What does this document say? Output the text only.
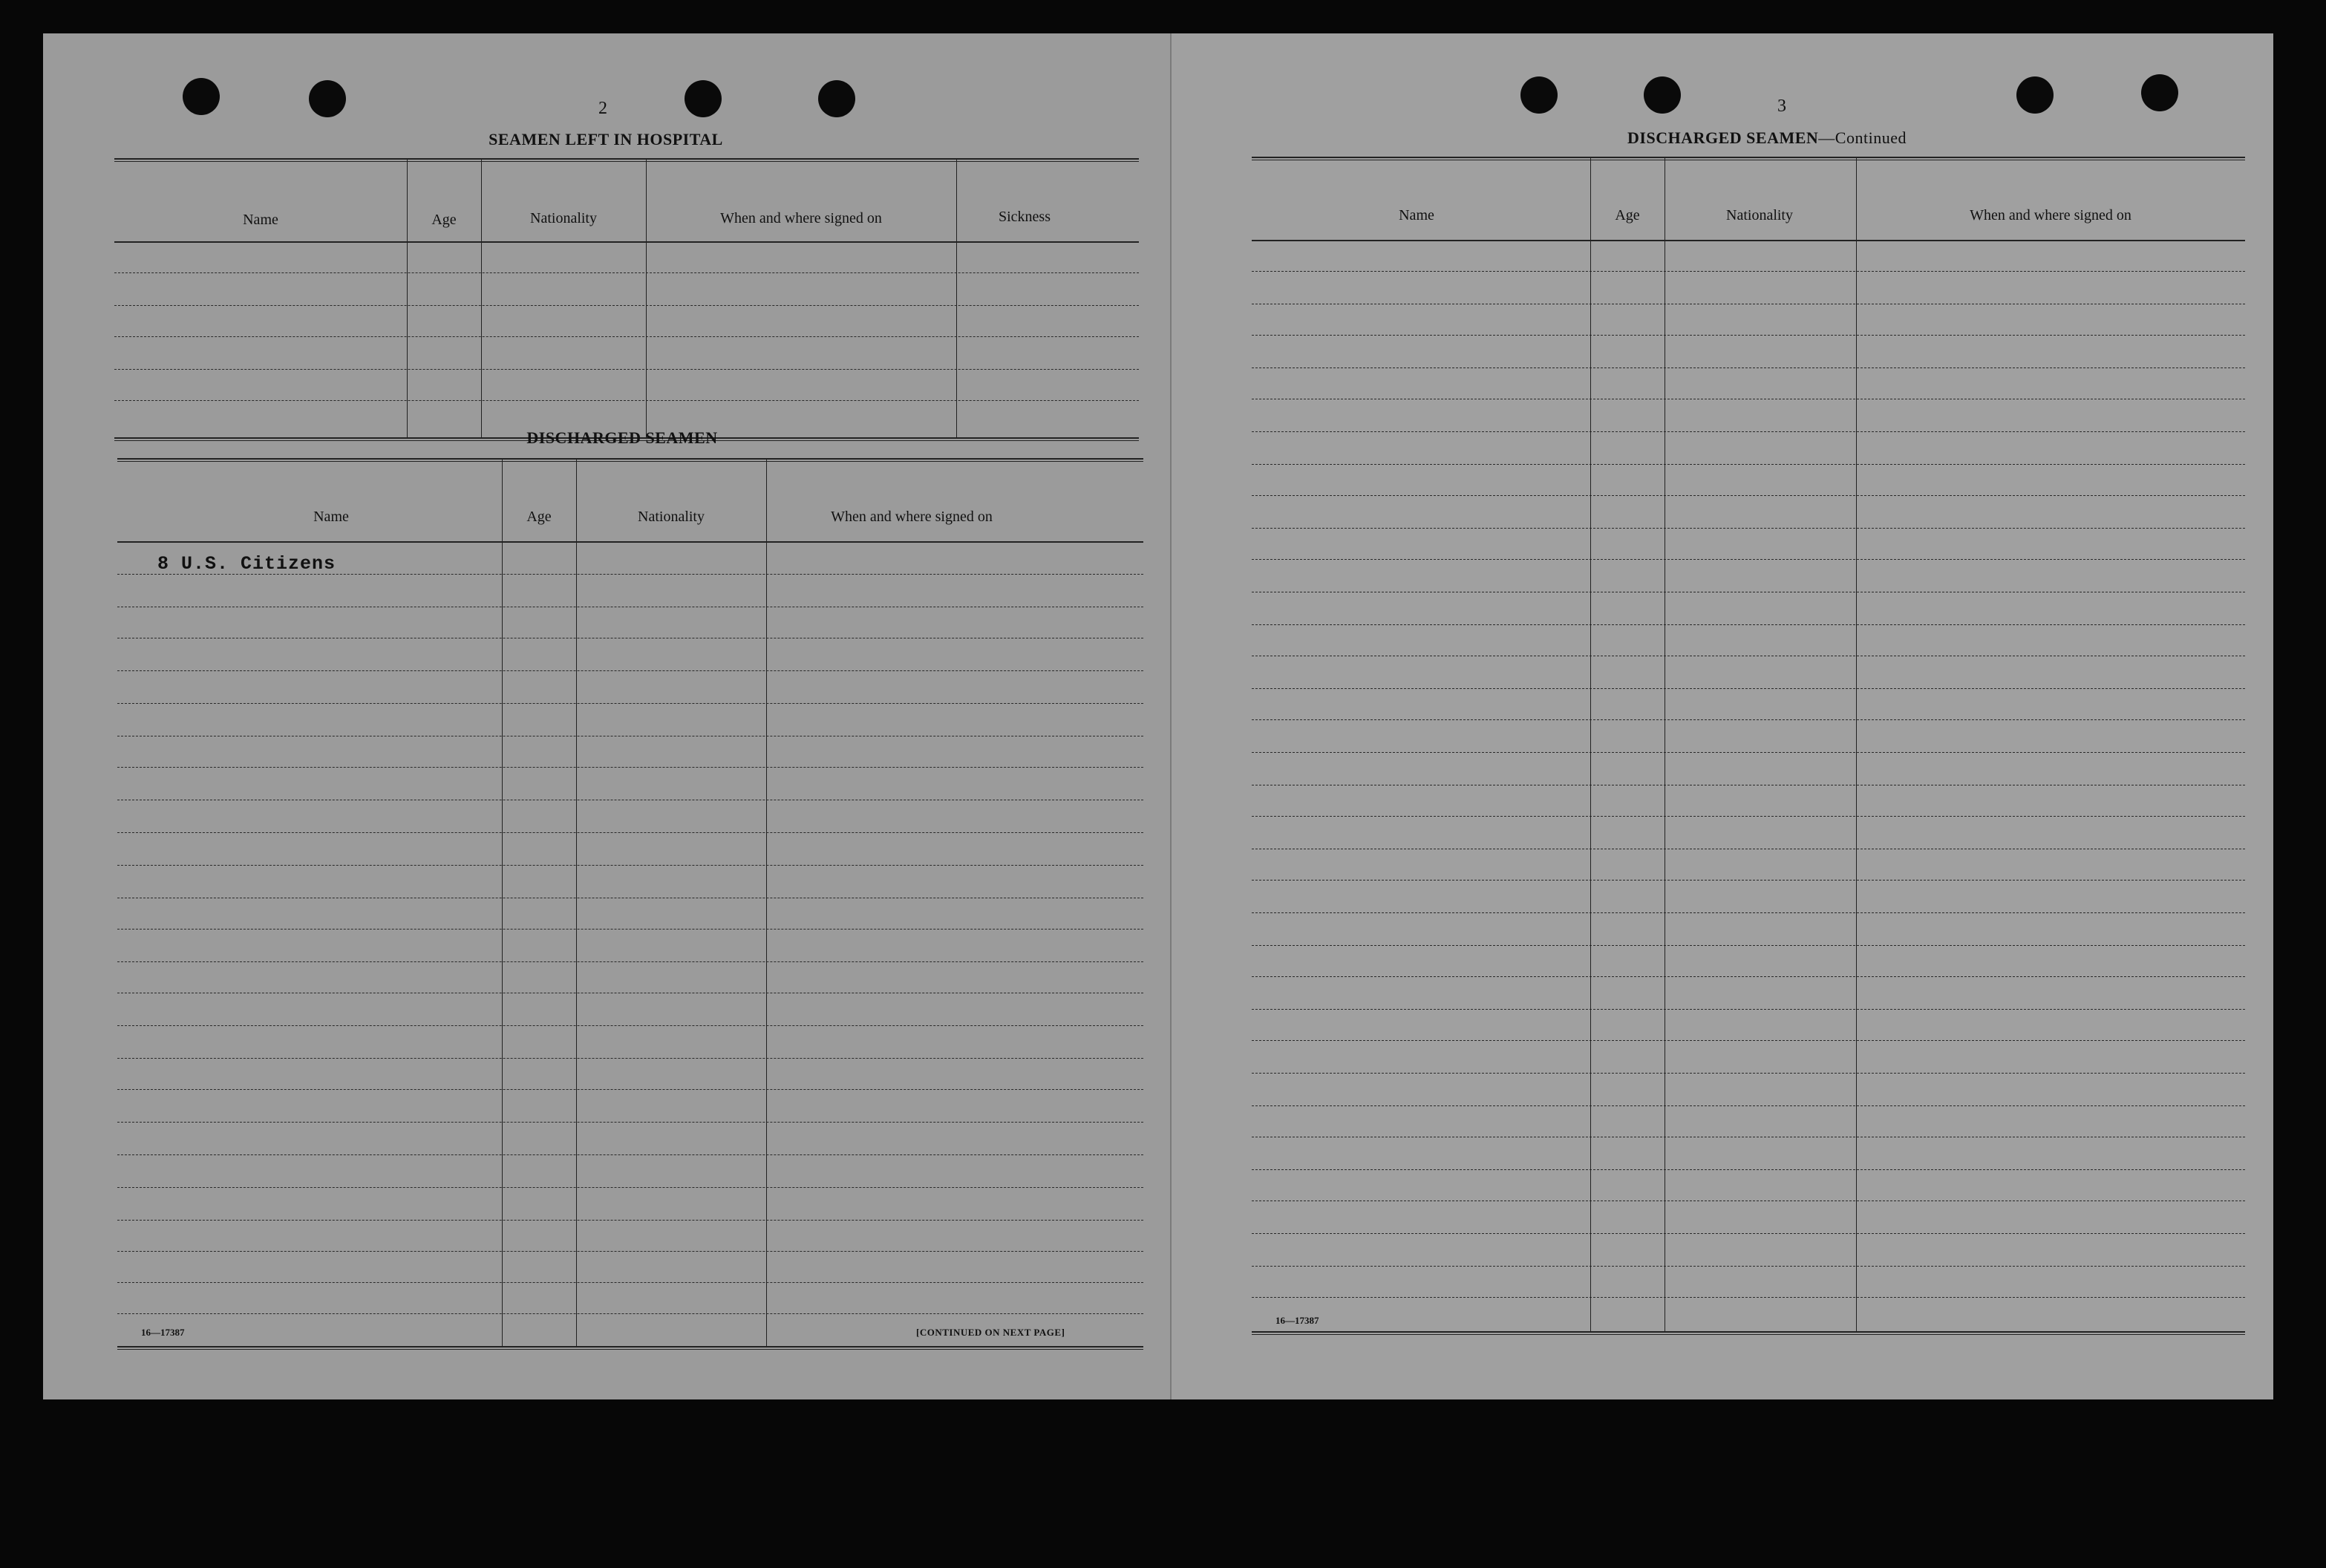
2
SEAMEN LEFT IN HOSPITAL
Name	Age	Nationality	When and where signed on	Sickness
DISCHARGED SEAMEN
Name	Age	Nationality	When and where signed on
8 U.S. Citizens
16—17387	[CONTINUED ON NEXT PAGE]
3
DISCHARGED SEAMEN—Continued
Name	Age	Nationality	When and where signed on
16—17387
